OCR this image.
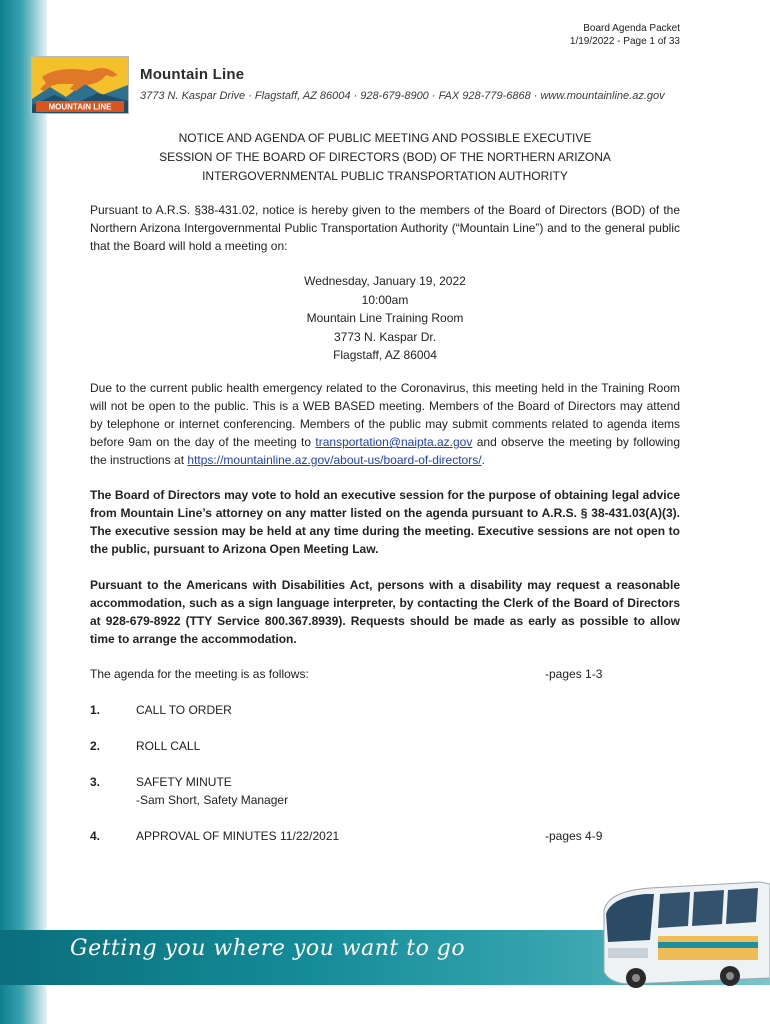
Board Agenda Packet
1/19/2022 - Page 1 of 33
MOUNTAIN LINE
Mountain Line
3773 N. Kaspar Drive · Flagstaff, AZ 86004 · 928-679-8900 · FAX 928-779-6868 · www.mountainline.az.gov
NOTICE AND AGENDA OF PUBLIC MEETING AND POSSIBLE EXECUTIVE
SESSION OF THE BOARD OF DIRECTORS (BOD) OF THE NORTHERN ARIZONA
INTERGOVERNMENTAL PUBLIC TRANSPORTATION AUTHORITY
Pursuant to A.R.S. §38-431.02, notice is hereby given to the members of the Board of Directors (BOD) of the Northern Arizona Intergovernmental Public Transportation Authority (“Mountain Line”) and to the general public that the Board will hold a meeting on:
Wednesday, January 19, 2022
10:00am
Mountain Line Training Room
3773 N. Kaspar Dr.
Flagstaff, AZ 86004
Due to the current public health emergency related to the Coronavirus, this meeting held in the Training Room will not be open to the public. This is a WEB BASED meeting. Members of the Board of Directors may attend by telephone or internet conferencing. Members of the public may submit comments related to agenda items before 9am on the day of the meeting to transportation@naipta.az.gov and observe the meeting by following the instructions at https://mountainline.az.gov/about-us/board-of-directors/.
The Board of Directors may vote to hold an executive session for the purpose of obtaining legal advice from Mountain Line’s attorney on any matter listed on the agenda pursuant to A.R.S. § 38-431.03(A)(3). The executive session may be held at any time during the meeting. Executive sessions are not open to the public, pursuant to Arizona Open Meeting Law.
Pursuant to the Americans with Disabilities Act, persons with a disability may request a reasonable accommodation, such as a sign language interpreter, by contacting the Clerk of the Board of Directors at 928-679-8922 (TTY Service 800.367.8939). Requests should be made as early as possible to allow time to arrange the accommodation.
The agenda for the meeting is as follows:	-pages 1-3
1.	CALL TO ORDER
2.	ROLL CALL
3.	SAFETY MINUTE
-Sam Short, Safety Manager
4.	APPROVAL OF MINUTES 11/22/2021	-pages 4-9
Getting you where you want to go
